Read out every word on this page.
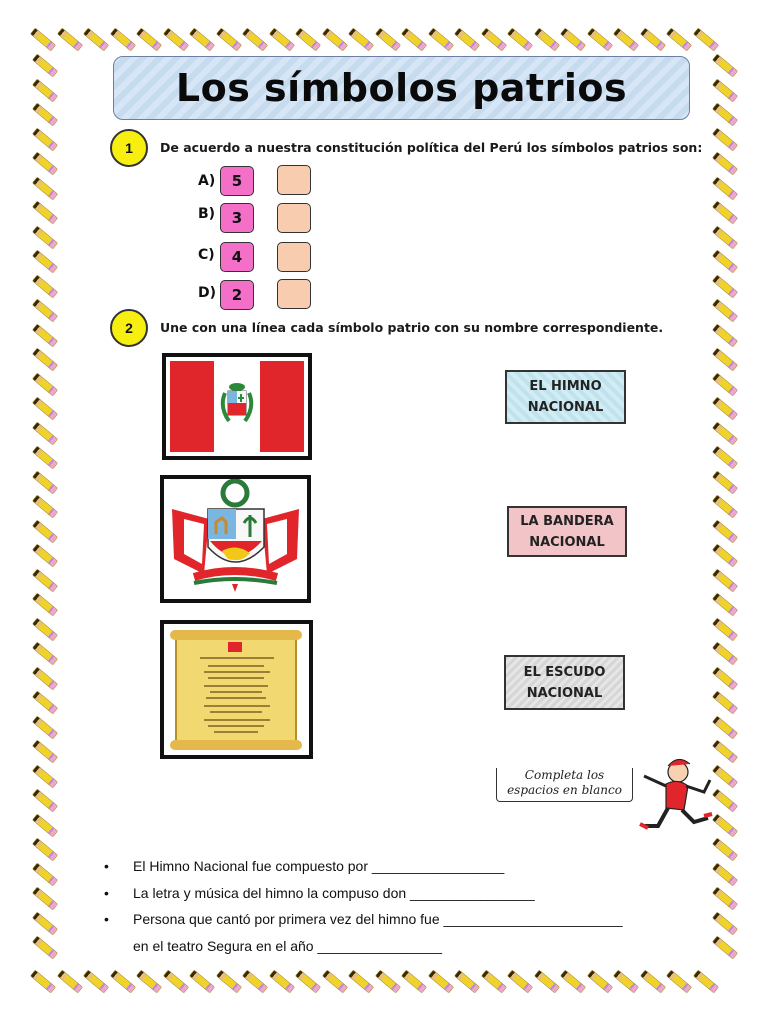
Los símbolos patrios
1 De acuerdo a nuestra constitución política del Perú los símbolos patrios son:
A)	5
B)	3
C)	4
D)	2
2 Une con una línea cada símbolo patrio con su nombre correspondiente.
EL HIMNO
NACIONAL
LA BANDERA
NACIONAL
EL ESCUDO
NACIONAL
Completa los
espacios en blanco
• El Himno Nacional fue compuesto por _________________
• La letra y música del himno la compuso don ________________
• Persona que cantó por primera vez del himno fue _______________________
en el teatro Segura en el año ________________
